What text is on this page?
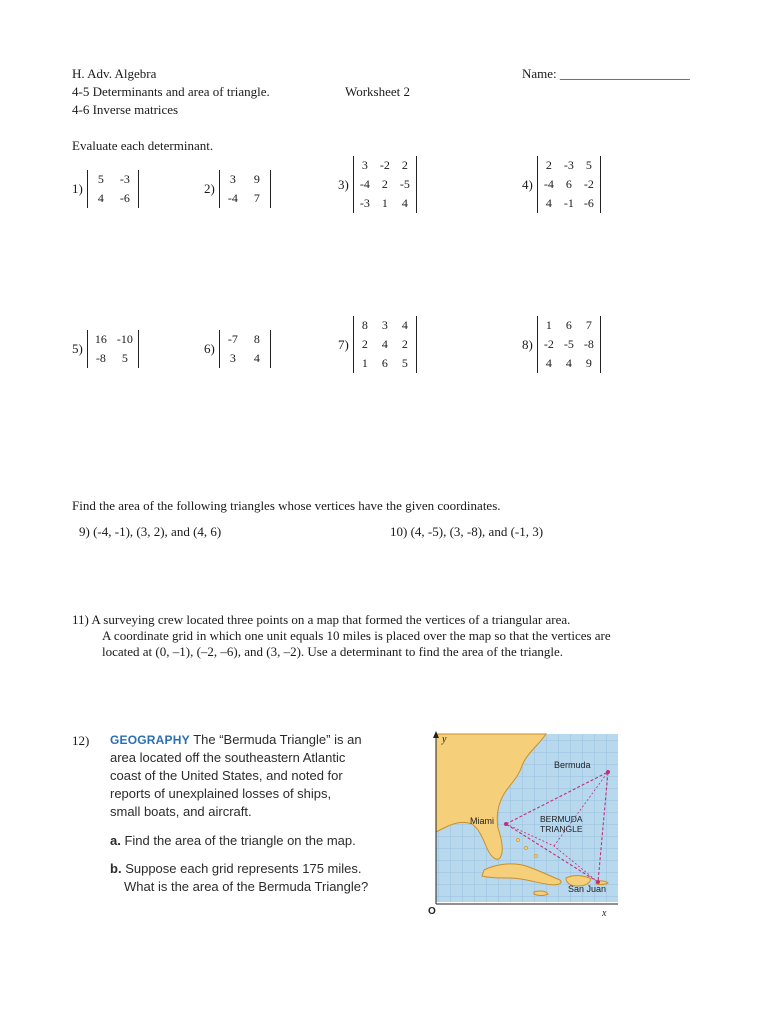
H. Adv. Algebra
4-5 Determinants and area of triangle.	Worksheet 2
4-6 Inverse matrices
Name: ____________________
Evaluate each determinant.
1)
5	-3
4	-6
2)
3	9
-4	7
3)
3	-2	2
-4	2	-5
-3	1	4
4)
2	-3	5
-4	6	-2
4	-1 -6
5)
16 -10
-8	5
6)
-7	8
3	4
7)
8	3	4
2	4	2
1	6	5
8)
1	6	7
-2 -5 -8
4	4	9
Find the area of the following triangles whose vertices have the given coordinates.
9) (-4, -1), (3, 2), and (4, 6)	10) (4, -5), (3, -8), and (-1, 3)
11) A surveying crew located three points on a map that formed the vertices of a triangular area.
A coordinate grid in which one unit equals 10 miles is placed over the map so that the vertices are
located at (0, –1), (–2, –6), and (3, –2). Use a determinant to find the area of the triangle.
12) GEOGRAPHY The “Bermuda Triangle” is an
area located off the southeastern Atlantic
coast of the United States, and noted for
reports of unexplained losses of ships,
small boats, and aircraft.
a. Find the area of the triangle on the map.
b. Suppose each grid represents 175 miles.
What is the area of the Bermuda Triangle?
y
O	x
Bermuda
Miami
San Juan
BERMUDA
TRIANGLE
